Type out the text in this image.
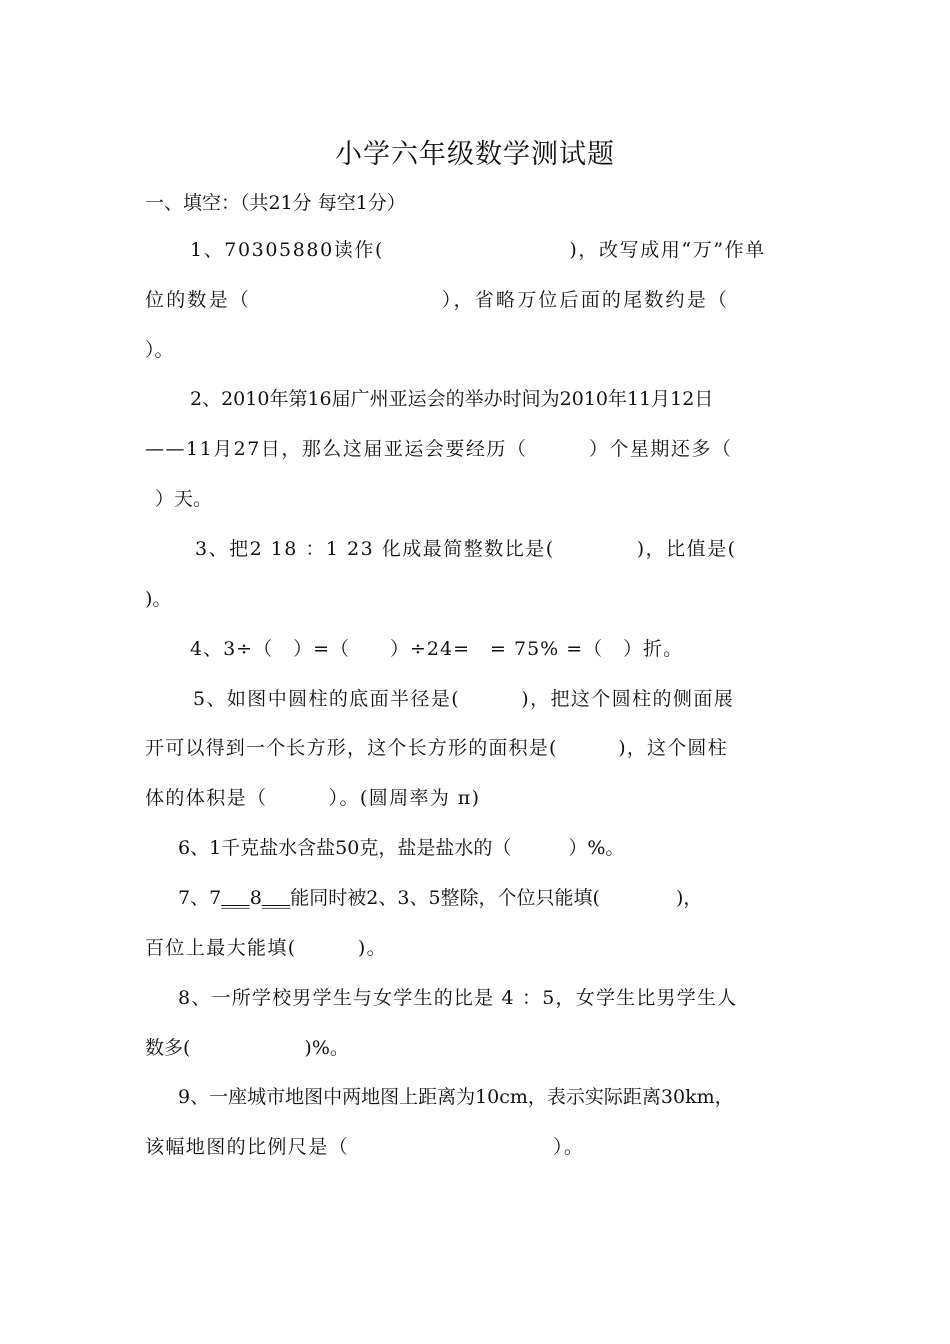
小学六年级数学测试题
一、填空：（共21分 每空1分）
1、70305880读作(　　　　　　　　　)，改写成用“万”作单
位的数是（　　　　　　　　　），省略万位后面的尾数约是（
）。
2、2010年第16届广州亚运会的举办时间为2010年11月12日
——11月27日，那么这届亚运会要经历（　　　）个星期还多（
）天。
3、把2 18 ：1 23 化成最简整数比是(　　　　)，比值是(
)。
4、3÷（　）=（　　）÷24=　= 75% =（　）折。
5、如图中圆柱的底面半径是(　　　)，把这个圆柱的侧面展
开可以得到一个长方形，这个长方形的面积是(　　　)，这个圆柱
体的体积是（　　　）。(圆周率为 π)
6、1千克盐水含盐50克，盐是盐水的（　　　）%。
7、7___8___能同时被2、3、5整除，个位只能填(　　　　)，
百位上最大能填(　　　)。
8、一所学校男学生与女学生的比是 4 ：5，女学生比男学生人
数多(　　　　　　)%。
9、一座城市地图中两地图上距离为10cm，表示实际距离30km，
该幅地图的比例尺是（　　　　　　　　　　）。
